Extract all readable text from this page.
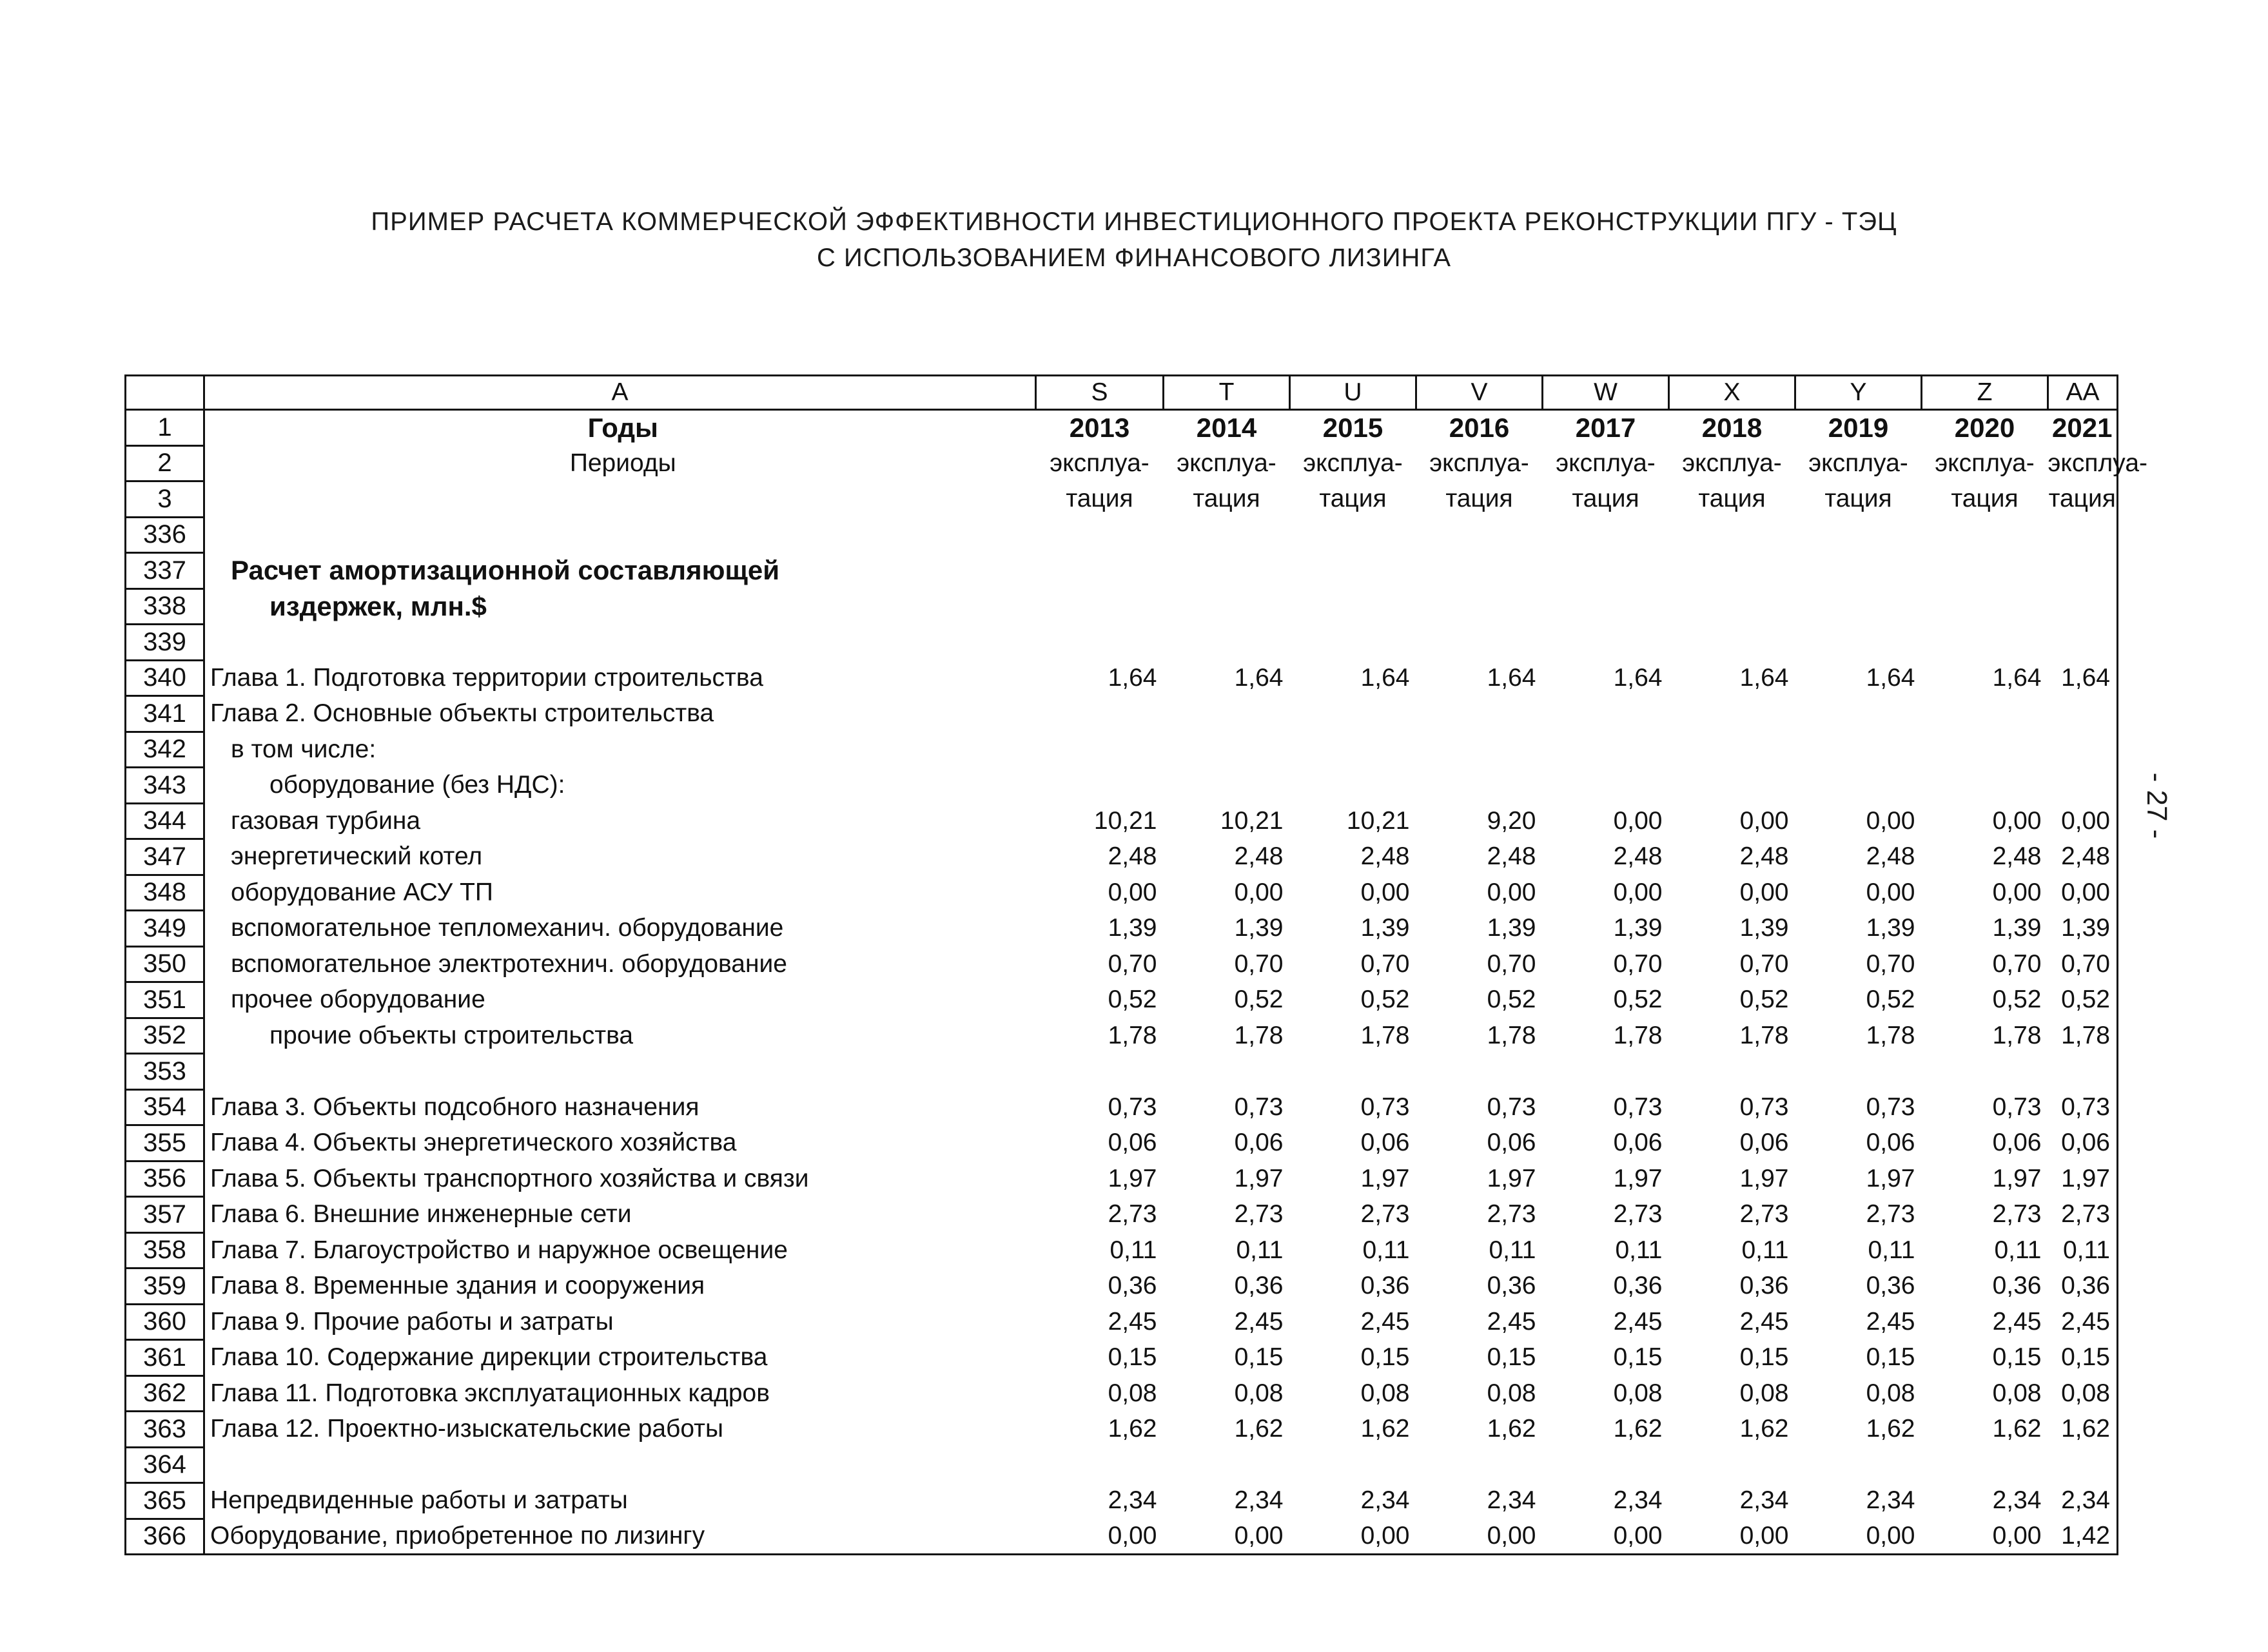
ПРИМЕР РАСЧЕТА КОММЕРЧЕСКОЙ ЭФФЕКТИВНОСТИ ИНВЕСТИЦИОННОГО ПРОЕКТА РЕКОНСТРУКЦИИ ПГУ - ТЭЦ
С ИСПОЛЬЗОВАНИЕМ ФИНАНСОВОГО ЛИЗИНГА
- 27 -
	A	S	T	U	V	W	X	Y	Z	AA
1	Годы	2013	2014	2015	2016	2017	2018	2019	2020	2021
2	Периоды	эксплуа-	эксплуа-	эксплуа-	эксплуа-	эксплуа-	эксплуа-	эксплуа-	эксплуа-	эксплуа-
3		тация	тация	тация	тация	тация	тация	тация	тация	тация
336										
337	Расчет амортизационной составляющей									
338	издержек, млн.$									
339										
340	Глава 1. Подготовка территории строительства	1,64	1,64	1,64	1,64	1,64	1,64	1,64	1,64	1,64
341	Глава 2. Основные объекты строительства									
342	в том числе:									
343	оборудование (без НДС):									
344	газовая турбина	10,21	10,21	10,21	9,20	0,00	0,00	0,00	0,00	0,00
347	энергетический котел	2,48	2,48	2,48	2,48	2,48	2,48	2,48	2,48	2,48
348	оборудование АСУ ТП	0,00	0,00	0,00	0,00	0,00	0,00	0,00	0,00	0,00
349	вспомогательное тепломеханич. оборудование	1,39	1,39	1,39	1,39	1,39	1,39	1,39	1,39	1,39
350	вспомогательное электротехнич. оборудование	0,70	0,70	0,70	0,70	0,70	0,70	0,70	0,70	0,70
351	прочее оборудование	0,52	0,52	0,52	0,52	0,52	0,52	0,52	0,52	0,52
352	прочие объекты строительства	1,78	1,78	1,78	1,78	1,78	1,78	1,78	1,78	1,78
353										
354	Глава 3. Объекты подсобного назначения	0,73	0,73	0,73	0,73	0,73	0,73	0,73	0,73	0,73
355	Глава 4. Объекты энергетического хозяйства	0,06	0,06	0,06	0,06	0,06	0,06	0,06	0,06	0,06
356	Глава 5. Объекты транспортного хозяйства и связи	1,97	1,97	1,97	1,97	1,97	1,97	1,97	1,97	1,97
357	Глава 6. Внешние инженерные сети	2,73	2,73	2,73	2,73	2,73	2,73	2,73	2,73	2,73
358	Глава 7. Благоустройство и наружное освещение	0,11	0,11	0,11	0,11	0,11	0,11	0,11	0,11	0,11
359	Глава 8. Временные здания и сооружения	0,36	0,36	0,36	0,36	0,36	0,36	0,36	0,36	0,36
360	Глава 9. Прочие работы и затраты	2,45	2,45	2,45	2,45	2,45	2,45	2,45	2,45	2,45
361	Глава 10. Содержание дирекции строительства	0,15	0,15	0,15	0,15	0,15	0,15	0,15	0,15	0,15
362	Глава 11. Подготовка эксплуатационных кадров	0,08	0,08	0,08	0,08	0,08	0,08	0,08	0,08	0,08
363	Глава 12. Проектно-изыскательские работы	1,62	1,62	1,62	1,62	1,62	1,62	1,62	1,62	1,62
364										
365	Непредвиденные работы и затраты	2,34	2,34	2,34	2,34	2,34	2,34	2,34	2,34	2,34
366	Оборудование, приобретенное по лизингу	0,00	0,00	0,00	0,00	0,00	0,00	0,00	0,00	1,42
